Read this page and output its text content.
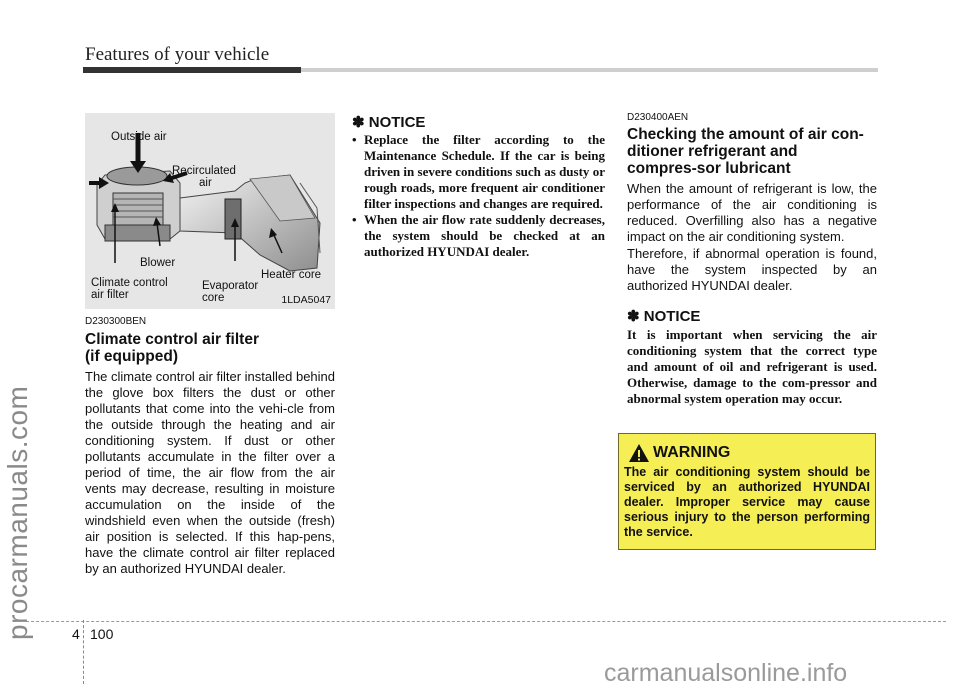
Features of your vehicle
procarmanuals.com
Outside air
Recirculated
air
Blower
Climate control
air filter
Evaporator
core
Heater core
1LDA5047
D230300BEN
Climate control air filter
(if equipped)
The climate control air filter installed behind the glove box filters the dust or other pollutants that come into the vehi-cle from the outside through the heating and air conditioning system. If dust or other pollutants accumulate in the filter over a period of time, the air flow from the air vents may decrease, resulting in moisture accumulation on the inside of the windshield even when the outside (fresh) air position is selected. If this hap-pens, have the climate control air filter replaced by an authorized HYUNDAI dealer.
✽ NOTICE
• Replace the filter according to the Maintenance Schedule. If the car is being driven in severe conditions such as dusty or rough roads, more frequent air conditioner filter inspections and changes are required.
• When the air flow rate suddenly decreases, the system should be checked at an authorized HYUNDAI dealer.
D230400AEN
Checking the amount of air con-ditioner refrigerant and compres-sor lubricant
When the amount of refrigerant is low, the performance of the air conditioning is reduced. Overfilling also has a negative impact on the air conditioning system.
Therefore, if abnormal operation is found, have the system inspected by an authorized HYUNDAI dealer.
✽ NOTICE
It is important when servicing the air conditioning system that the correct type and amount of oil and refrigerant is used. Otherwise, damage to the com-pressor and abnormal system operation may occur.
WARNING
The air conditioning system should be serviced by an authorized HYUNDAI dealer. Improper service may cause serious injury to the person performing the service.
4 100
carmanualsonline.info
